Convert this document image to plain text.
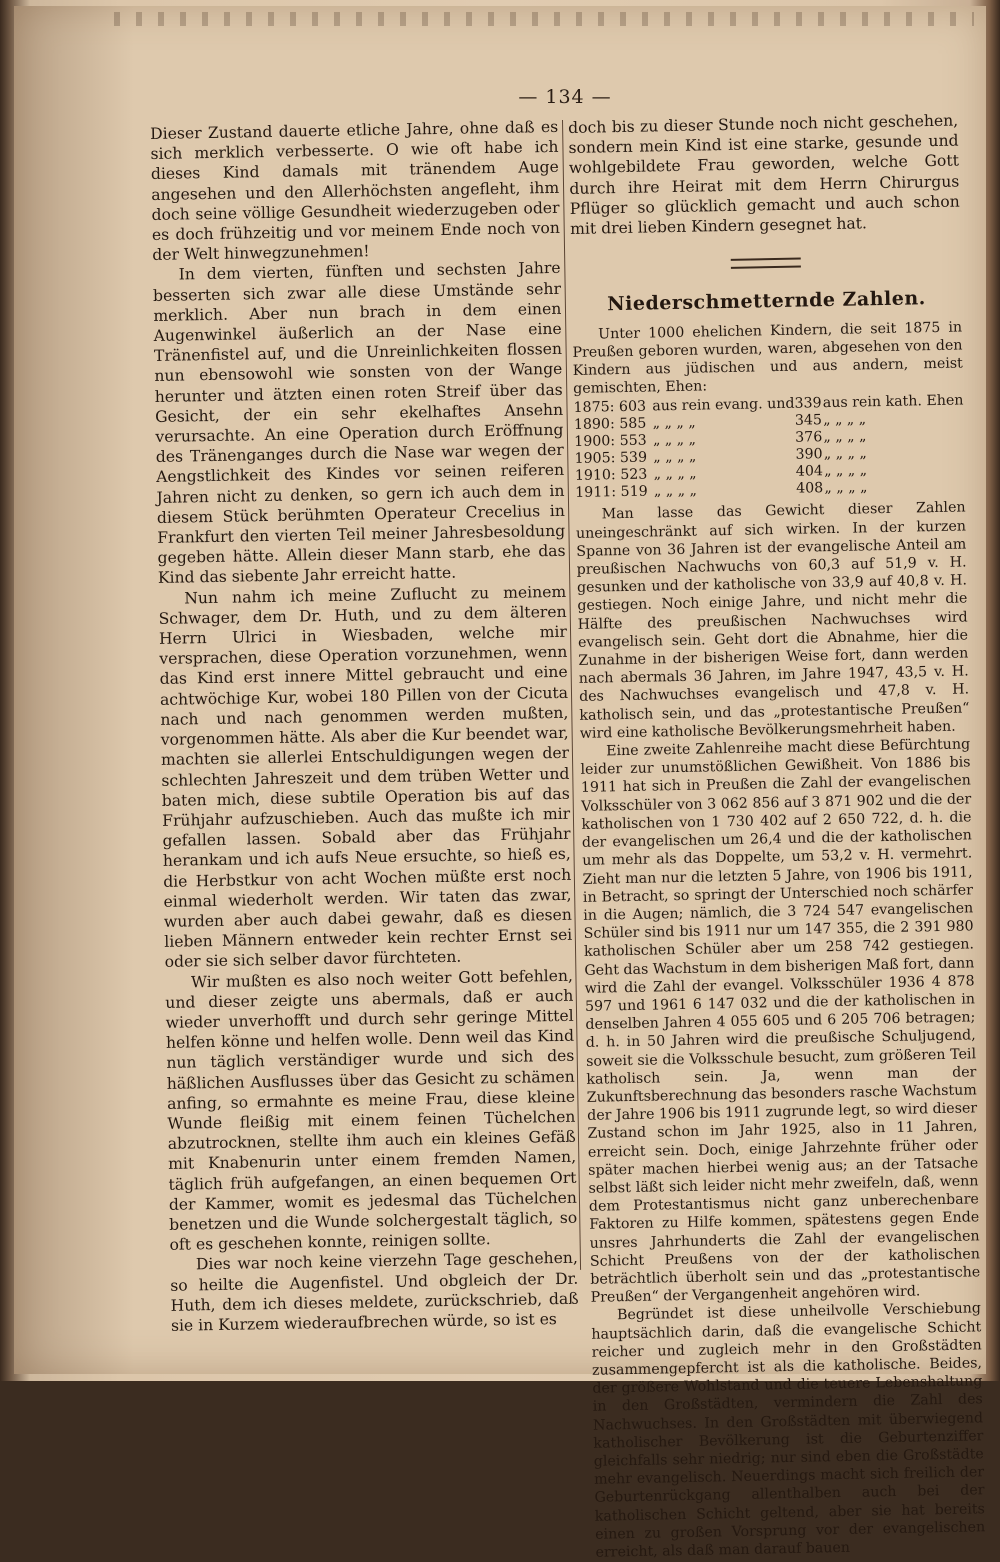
— 134 —

Dieser Zustand dauerte etliche Jahre, ohne daß es sich merklich verbesserte. O wie oft habe ich dieses Kind damals mit tränendem Auge angesehen und den Allerhöchsten angefleht, ihm doch seine völlige Gesundheit wiederzugeben oder es doch frühzeitig und vor meinem Ende noch von der Welt hinwegzunehmen!

In dem vierten, fünften und sechsten Jahre besserten sich zwar alle diese Umstände sehr merklich. Aber nun brach in dem einen Augenwinkel äußerlich an der Nase eine Tränenfistel auf, und die Unreinlichkeiten flossen nun ebensowohl wie sonsten von der Wange herunter und ätzten einen roten Streif über das Gesicht, der ein sehr ekelhaftes Ansehn verursachte. An eine Operation durch Eröffnung des Tränenganges durch die Nase war wegen der Aengstlichkeit des Kindes vor seinen reiferen Jahren nicht zu denken, so gern ich auch dem in diesem Stück berühmten Operateur Crecelius in Frankfurt den vierten Teil meiner Jahresbesoldung gegeben hätte. Allein dieser Mann starb, ehe das Kind das siebente Jahr erreicht hatte.

Nun nahm ich meine Zuflucht zu meinem Schwager, dem Dr. Huth, und zu dem älteren Herrn Ulrici in Wiesbaden, welche mir versprachen, diese Operation vorzunehmen, wenn das Kind erst innere Mittel gebraucht und eine achtwöchige Kur, wobei 180 Pillen von der Cicuta nach und nach genommen werden mußten, vorgenommen hätte. Als aber die Kur beendet war, machten sie allerlei Entschuldigungen wegen der schlechten Jahreszeit und dem trüben Wetter und baten mich, diese subtile Operation bis auf das Frühjahr aufzuschieben. Auch das mußte ich mir gefallen lassen. Sobald aber das Frühjahr herankam und ich aufs Neue ersuchte, so hieß es, die Herbstkur von acht Wochen müßte erst noch einmal wiederholt werden. Wir taten das zwar, wurden aber auch dabei gewahr, daß es diesen lieben Männern entweder kein rechter Ernst sei oder sie sich selber davor fürchteten.

Wir mußten es also noch weiter Gott befehlen, und dieser zeigte uns abermals, daß er auch wieder unverhofft und durch sehr geringe Mittel helfen könne und helfen wolle. Denn weil das Kind nun täglich verständiger wurde und sich des häßlichen Ausflusses über das Gesicht zu schämen anfing, so ermahnte es meine Frau, diese kleine Wunde fleißig mit einem feinen Tüchelchen abzutrocknen, stellte ihm auch ein kleines Gefäß mit Knabenurin unter einem fremden Namen, täglich früh aufgefangen, an einen bequemen Ort der Kammer, womit es jedesmal das Tüchelchen benetzen und die Wunde solchergestalt täglich, so oft es geschehen konnte, reinigen sollte.

Dies war noch keine vierzehn Tage geschehen, so heilte die Augenfistel. Und obgleich der Dr. Huth, dem ich dieses meldete, zurückschrieb, daß sie in Kurzem wiederaufbrechen würde, so ist es

doch bis zu dieser Stunde noch nicht geschehen, sondern mein Kind ist eine starke, gesunde und wohlgebildete Frau geworden, welche Gott durch ihre Heirat mit dem Herrn Chirurgus Pflüger so glücklich gemacht und auch schon mit drei lieben Kindern gesegnet hat.

Niederschmetternde Zahlen.

Unter 1000 ehelichen Kindern, die seit 1875 in Preußen geboren wurden, waren, abgesehen von den Kindern aus jüdischen und aus andern, meist gemischten, Ehen:

1875: 603	aus rein evang. und	339	aus rein kath. Ehen
1890: 585	„ „ „ „	345	„ „ „ „
1900: 553	„ „ „ „	376	„ „ „ „
1905: 539	„ „ „ „	390	„ „ „ „
1910: 523	„ „ „ „	404	„ „ „ „
1911: 519	„ „ „ „	408	„ „ „ „

Man lasse das Gewicht dieser Zahlen uneingeschränkt auf sich wirken. In der kurzen Spanne von 36 Jahren ist der evangelische Anteil am preußischen Nachwuchs von 60,3 auf 51,9 v. H. gesunken und der katholische von 33,9 auf 40,8 v. H. gestiegen. Noch einige Jahre, und nicht mehr die Hälfte des preußischen Nachwuchses wird evangelisch sein. Geht dort die Abnahme, hier die Zunahme in der bisherigen Weise fort, dann werden nach abermals 36 Jahren, im Jahre 1947, 43,5 v. H. des Nachwuchses evangelisch und 47,8 v. H. katholisch sein, und das „protestantische Preußen“ wird eine katholische Bevölkerungsmehrheit haben.

Eine zweite Zahlenreihe macht diese Befürchtung leider zur unumstößlichen Gewißheit. Von 1886 bis 1911 hat sich in Preußen die Zahl der evangelischen Volksschüler von 3 062 856 auf 3 871 902 und die der katholischen von 1 730 402 auf 2 650 722, d. h. die der evangelischen um 26,4 und die der katholischen um mehr als das Doppelte, um 53,2 v. H. vermehrt. Zieht man nur die letzten 5 Jahre, von 1906 bis 1911, in Betracht, so springt der Unterschied noch schärfer in die Augen; nämlich, die 3 724 547 evangelischen Schüler sind bis 1911 nur um 147 355, die 2 391 980 katholischen Schüler aber um 258 742 gestiegen. Geht das Wachstum in dem bisherigen Maß fort, dann wird die Zahl der evangel. Volksschüler 1936 4 878 597 und 1961 6 147 032 und die der katholischen in denselben Jahren 4 055 605 und 6 205 706 betragen; d. h. in 50 Jahren wird die preußische Schuljugend, soweit sie die Volksschule besucht, zum größeren Teil katholisch sein. Ja, wenn man der Zukunftsberechnung das besonders rasche Wachstum der Jahre 1906 bis 1911 zugrunde legt, so wird dieser Zustand schon im Jahr 1925, also in 11 Jahren, erreicht sein. Doch, einige Jahrzehnte früher oder später machen hierbei wenig aus; an der Tatsache selbst läßt sich leider nicht mehr zweifeln, daß, wenn dem Protestantismus nicht ganz unberechenbare Faktoren zu Hilfe kommen, spätestens gegen Ende unsres Jahrhunderts die Zahl der evangelischen Schicht Preußens von der der katholischen beträchtlich überholt sein und das „protestantische Preußen“ der Vergangenheit angehören wird.

Begründet ist diese unheilvolle Verschiebung hauptsächlich darin, daß die evangelische Schicht reicher und zugleich mehr in den Großstädten zusammengepfercht ist als die katholische. Beides, der größere Wohlstand und die teuere Lebenshaltung in den Großstädten, vermindern die Zahl des Nachwuchses. In den Großstädten mit überwiegend katholischer Bevölkerung ist die Geburtenziffer gleichfalls sehr niedrig; nur sind eben die Großstädte mehr evangelisch. Neuerdings macht sich freilich der Geburtenrückgang allenthalben auch bei der katholischen Schicht geltend, aber sie hat bereits einen zu großen Vorsprung vor der evangelischen erreicht, als daß man darauf bauen
